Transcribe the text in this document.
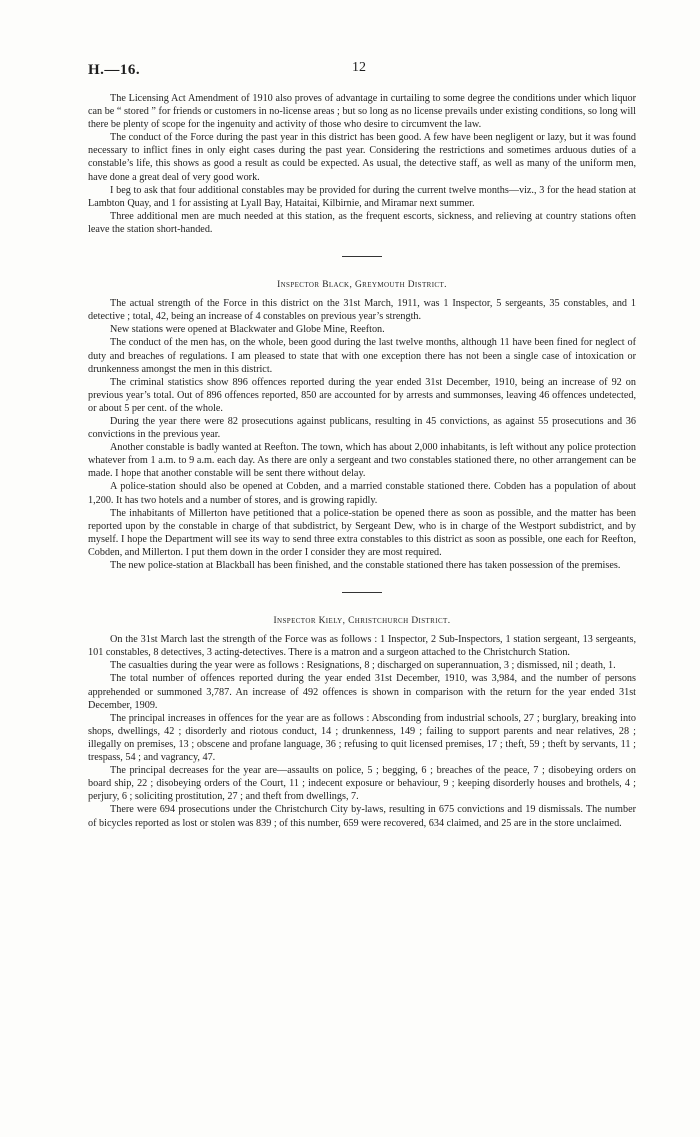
H.—16.	12

The Licensing Act Amendment of 1910 also proves of advantage in curtailing to some degree the conditions under which liquor can be “ stored ” for friends or customers in no-license areas ; but so long as no license prevails under existing conditions, so long will there be plenty of scope for the ingenuity and activity of those who desire to circumvent the law.

The conduct of the Force during the past year in this district has been good. A few have been negligent or lazy, but it was found necessary to inflict fines in only eight cases during the past year. Considering the restrictions and sometimes arduous duties of a constable’s life, this shows as good a result as could be expected. As usual, the detective staff, as well as many of the uniform men, have done a great deal of very good work.

I beg to ask that four additional constables may be provided for during the current twelve months—viz., 3 for the head station at Lambton Quay, and 1 for assisting at Lyall Bay, Hataitai, Kilbirnie, and Miramar next summer.

Three additional men are much needed at this station, as the frequent escorts, sickness, and relieving at country stations often leave the station short-handed.

Inspector Black, Greymouth District.

The actual strength of the Force in this district on the 31st March, 1911, was 1 Inspector, 5 sergeants, 35 constables, and 1 detective ; total, 42, being an increase of 4 constables on previous year’s strength.

New stations were opened at Blackwater and Globe Mine, Reefton.

The conduct of the men has, on the whole, been good during the last twelve months, although 11 have been fined for neglect of duty and breaches of regulations. I am pleased to state that with one exception there has not been a single case of intoxication or drunkenness amongst the men in this district.

The criminal statistics show 896 offences reported during the year ended 31st December, 1910, being an increase of 92 on previous year’s total. Out of 896 offences reported, 850 are accounted for by arrests and summonses, leaving 46 offences undetected, or about 5 per cent. of the whole.

During the year there were 82 prosecutions against publicans, resulting in 45 convictions, as against 55 prosecutions and 36 convictions in the previous year.

Another constable is badly wanted at Reefton. The town, which has about 2,000 inhabitants, is left without any police protection whatever from 1 a.m. to 9 a.m. each day. As there are only a sergeant and two constables stationed there, no other arrangement can be made. I hope that another constable will be sent there without delay.

A police-station should also be opened at Cobden, and a married constable stationed there. Cobden has a population of about 1,200. It has two hotels and a number of stores, and is growing rapidly.

The inhabitants of Millerton have petitioned that a police-station be opened there as soon as possible, and the matter has been reported upon by the constable in charge of that subdistrict, by Sergeant Dew, who is in charge of the Westport subdistrict, and by myself. I hope the Department will see its way to send three extra constables to this district as soon as possible, one each for Reefton, Cobden, and Millerton. I put them down in the order I consider they are most required.

The new police-station at Blackball has been finished, and the constable stationed there has taken possession of the premises.

Inspector Kiely, Christchurch District.

On the 31st March last the strength of the Force was as follows : 1 Inspector, 2 Sub-Inspectors, 1 station sergeant, 13 sergeants, 101 constables, 8 detectives, 3 acting-detectives. There is a matron and a surgeon attached to the Christchurch Station.

The casualties during the year were as follows : Resignations, 8 ; discharged on superannuation, 3 ; dismissed, nil ; death, 1.

The total number of offences reported during the year ended 31st December, 1910, was 3,984, and the number of persons apprehended or summoned 3,787. An increase of 492 offences is shown in comparison with the return for the year ended 31st December, 1909.

The principal increases in offences for the year are as follows : Absconding from industrial schools, 27 ; burglary, breaking into shops, dwellings, 42 ; disorderly and riotous conduct, 14 ; drunkenness, 149 ; failing to support parents and near relatives, 28 ; illegally on premises, 13 ; obscene and profane language, 36 ; refusing to quit licensed premises, 17 ; theft, 59 ; theft by servants, 11 ; trespass, 54 ; and vagrancy, 47.

The principal decreases for the year are—assaults on police, 5 ; begging, 6 ; breaches of the peace, 7 ; disobeying orders on board ship, 22 ; disobeying orders of the Court, 11 ; indecent exposure or behaviour, 9 ; keeping disorderly houses and brothels, 4 ; perjury, 6 ; soliciting prostitution, 27 ; and theft from dwellings, 7.

There were 694 prosecutions under the Christchurch City by-laws, resulting in 675 convictions and 19 dismissals. The number of bicycles reported as lost or stolen was 839 ; of this number, 659 were recovered, 634 claimed, and 25 are in the store unclaimed.
